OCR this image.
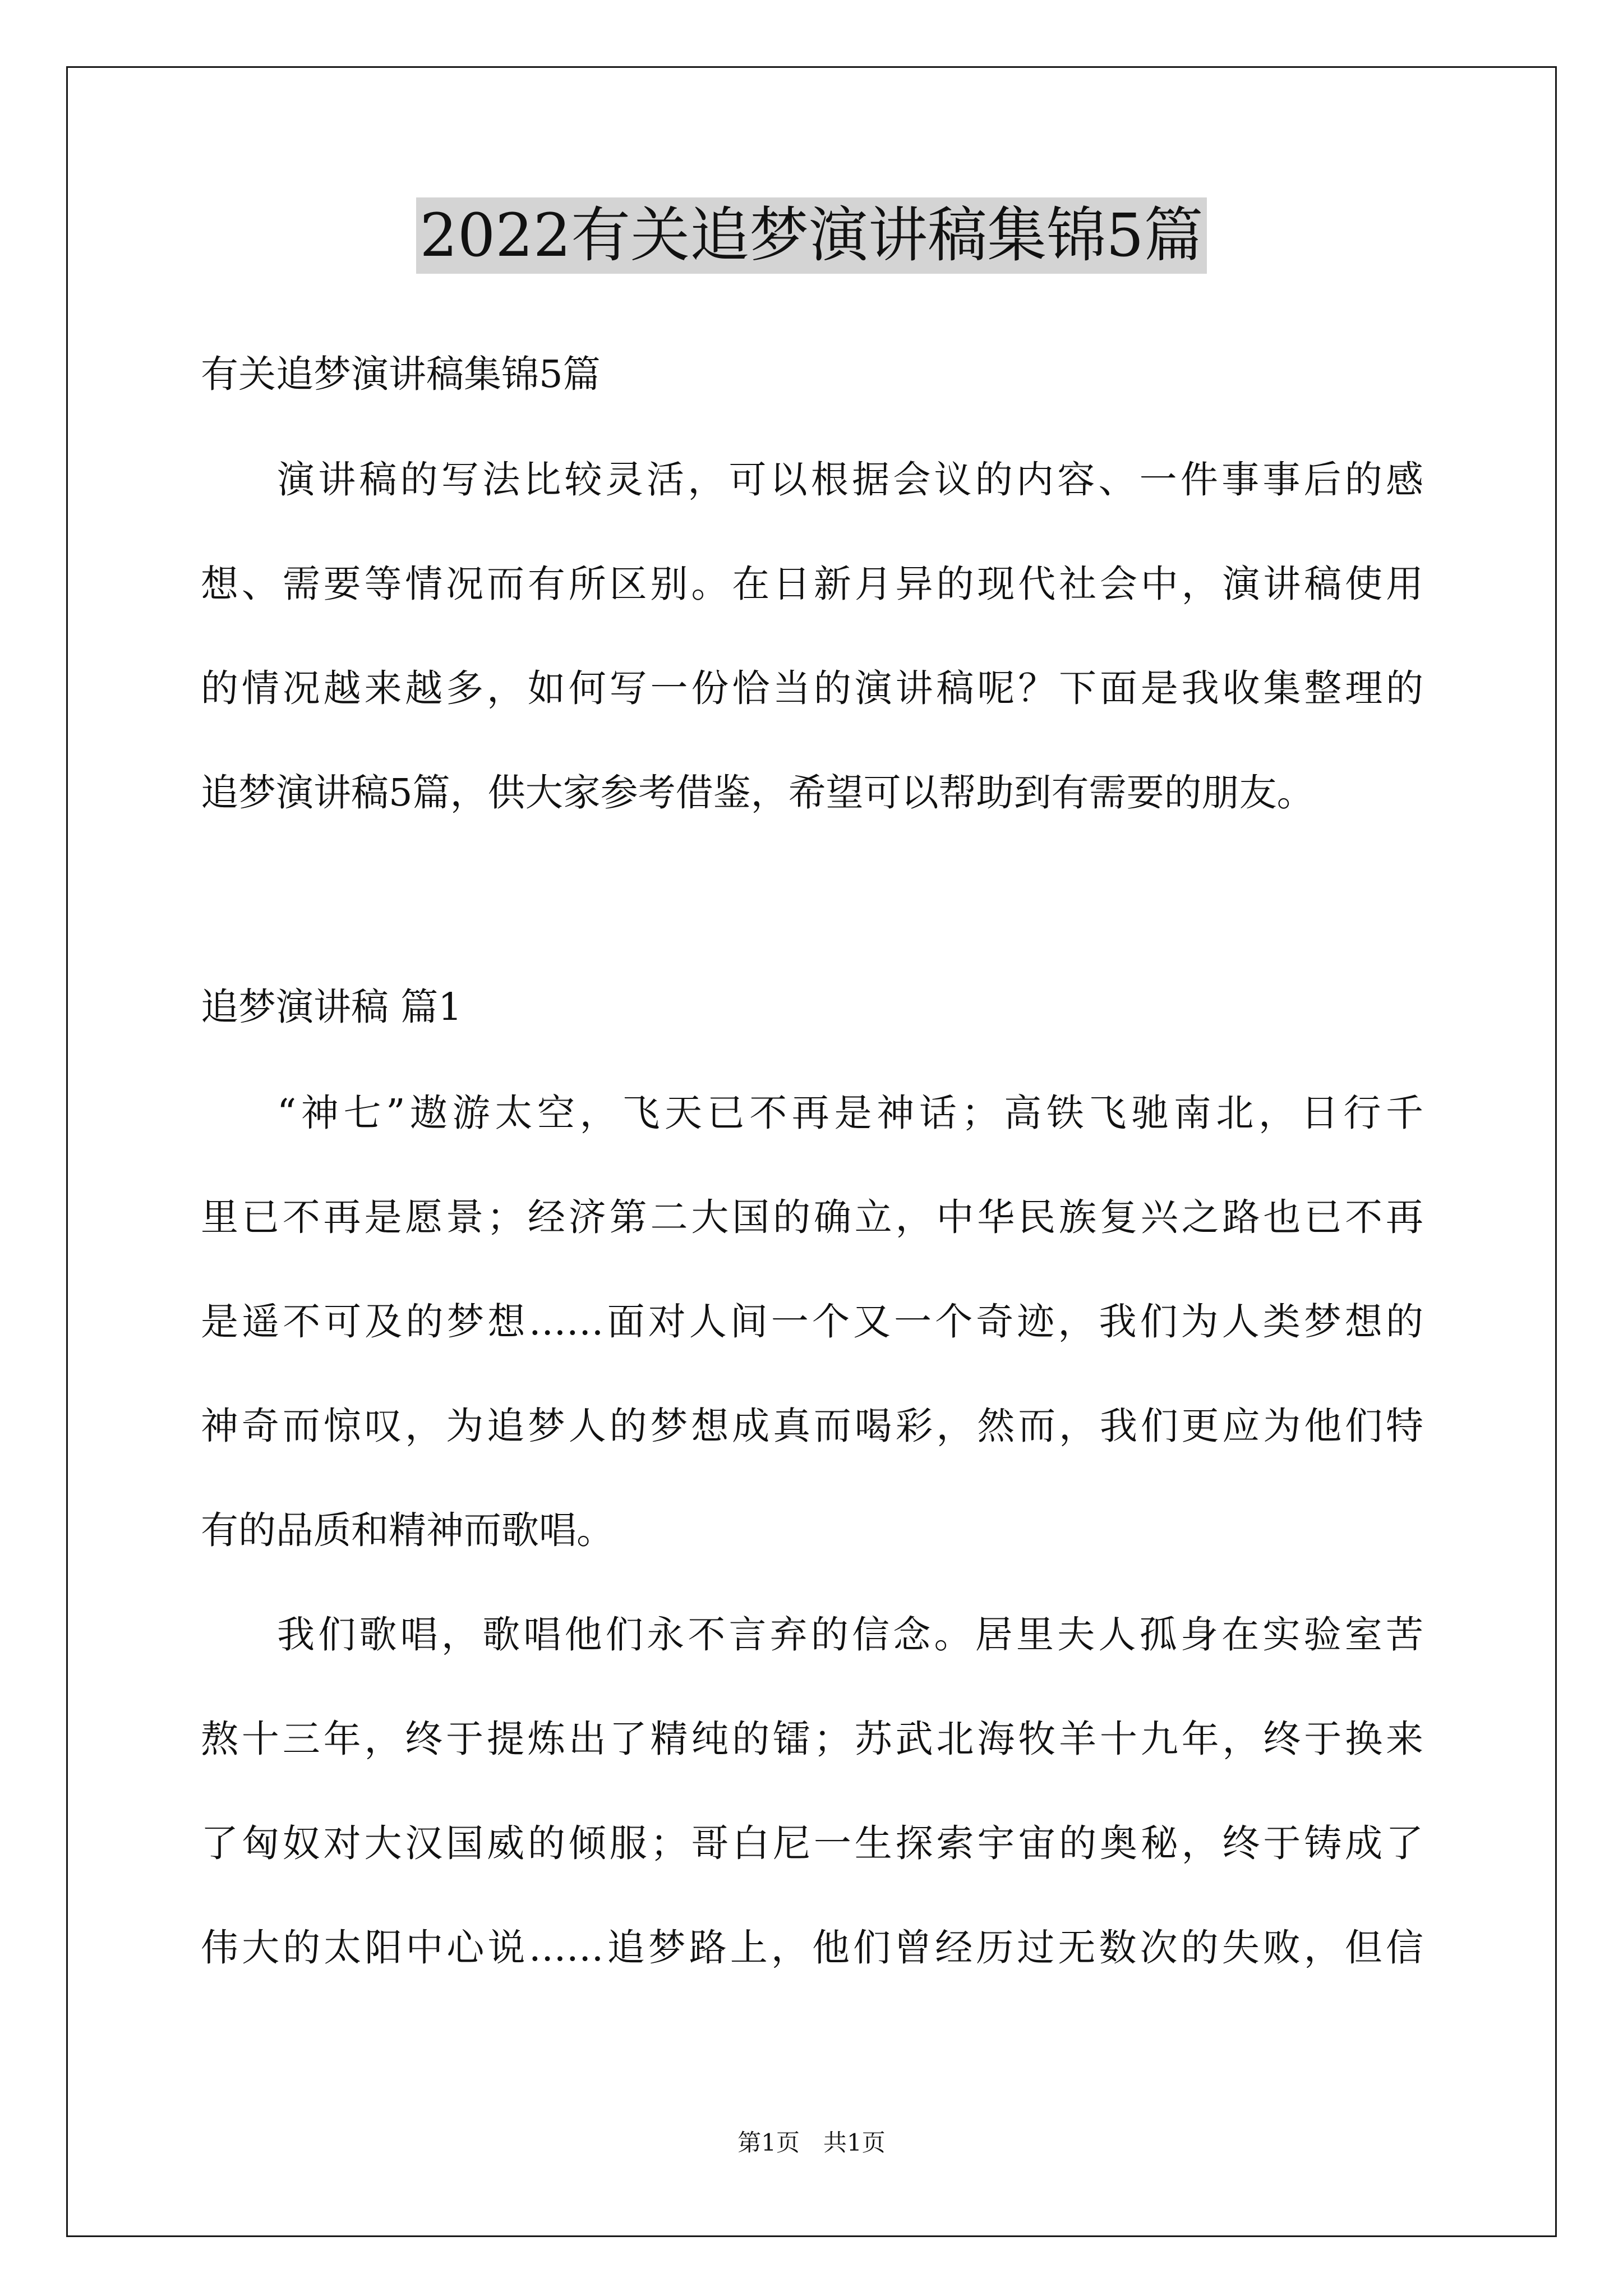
2022有关追梦演讲稿集锦5篇
有关追梦演讲稿集锦5篇
演讲稿的写法比较灵活，可以根据会议的内容、一件事事后的感
想、需要等情况而有所区别。在日新月异的现代社会中，演讲稿使用
的情况越来越多，如何写一份恰当的演讲稿呢？下面是我收集整理的
追梦演讲稿5篇，供大家参考借鉴，希望可以帮助到有需要的朋友。
追梦演讲稿 篇1
“神七”遨游太空，飞天已不再是神话；高铁飞驰南北，日行千
里已不再是愿景；经济第二大国的确立，中华民族复兴之路也已不再
是遥不可及的梦想……面对人间一个又一个奇迹，我们为人类梦想的
神奇而惊叹，为追梦人的梦想成真而喝彩，然而，我们更应为他们特
有的品质和精神而歌唱。
我们歌唱，歌唱他们永不言弃的信念。居里夫人孤身在实验室苦
熬十三年，终于提炼出了精纯的镭；苏武北海牧羊十九年，终于换来
了匈奴对大汉国威的倾服；哥白尼一生探索宇宙的奥秘，终于铸成了
伟大的太阳中心说……追梦路上，他们曾经历过无数次的失败，但信
第1页　共1页
